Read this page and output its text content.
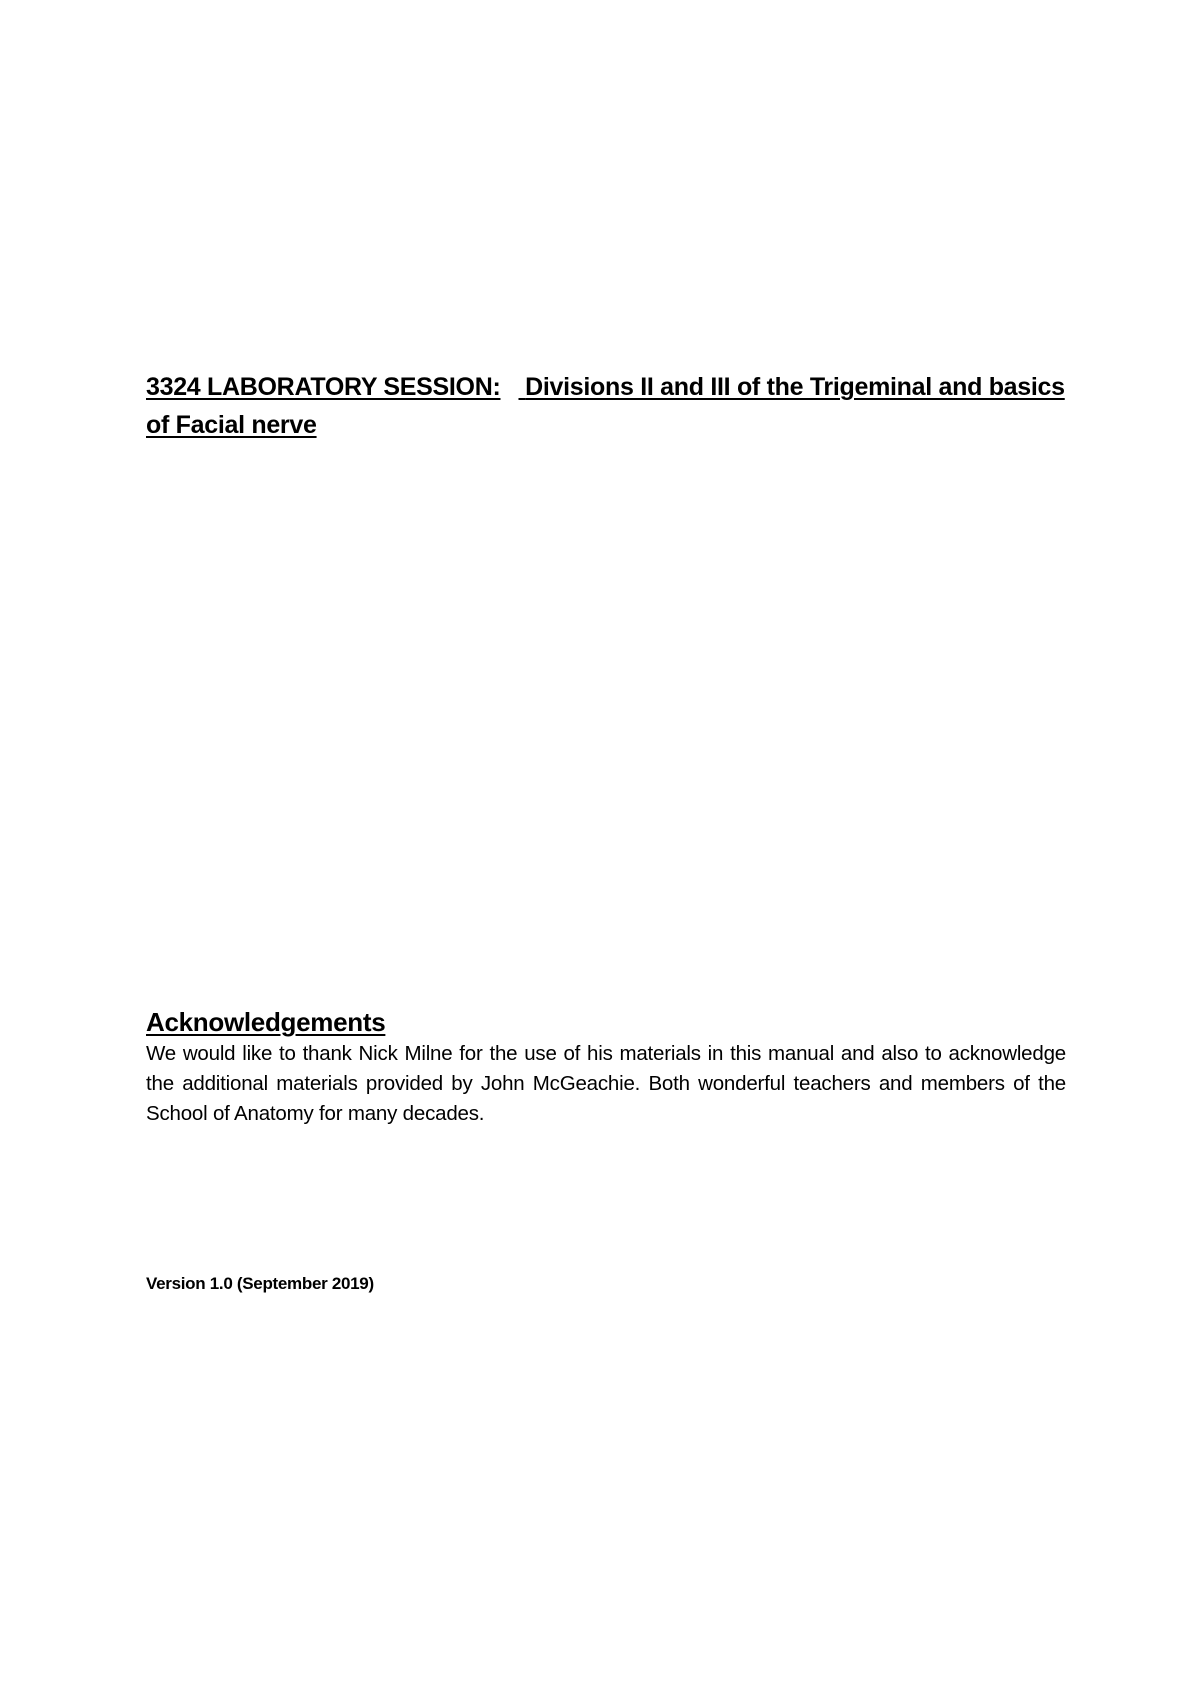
3324 LABORATORY SESSION: Divisions II and III of the Trigeminal and basics of Facial nerve
Acknowledgements
We would like to thank Nick Milne for the use of his materials in this manual and also to acknowledge the additional materials provided by John McGeachie. Both wonderful teachers and members of the School of Anatomy for many decades.
Version 1.0 (September 2019)
